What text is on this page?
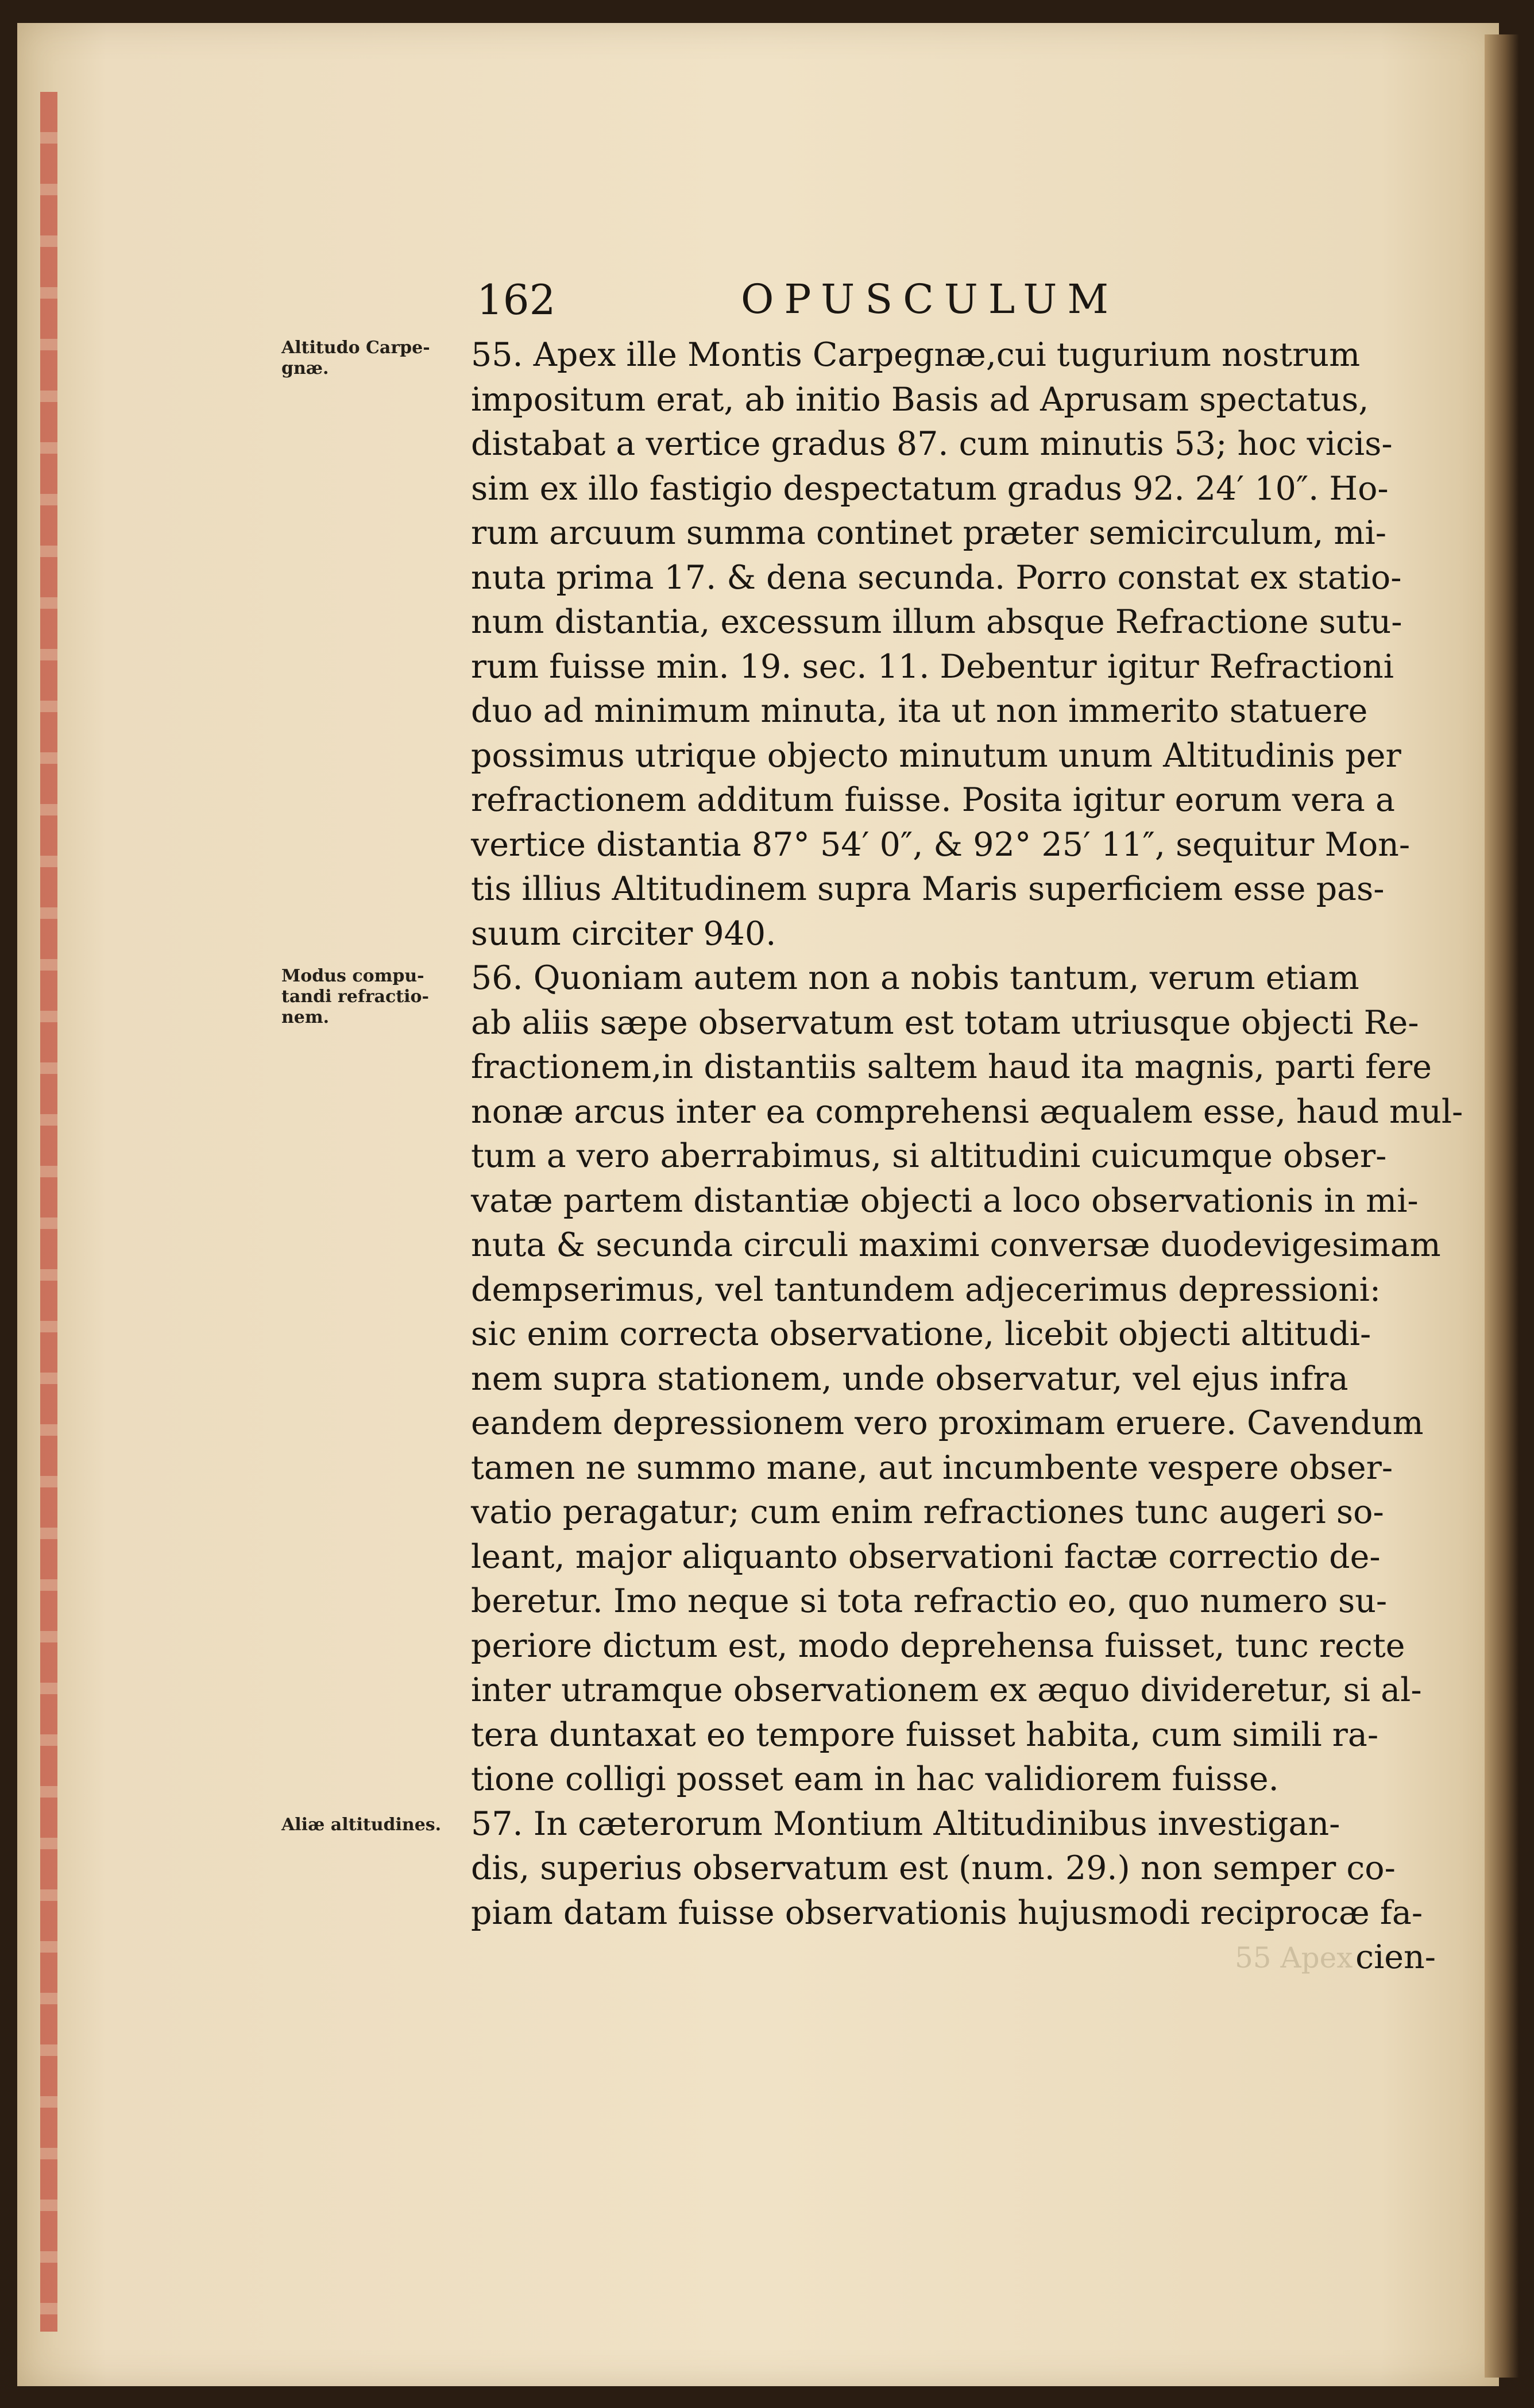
162	OPUSCULUM
Altitudo Carpe- gnæ.
Modus compu- tandi refractio- nem.
Aliæ altitudines.
55. Apex ille Montis Carpegnæ,cui tugurium nostrum
impositum erat, ab initio Basis ad Aprusam spectatus,
distabat a vertice gradus 87. cum minutis 53; hoc vicis-
sim ex illo fastigio despectatum gradus 92. 24′ 10″. Ho-
rum arcuum summa continet præter semicirculum, mi-
nuta prima 17. & dena secunda. Porro constat ex statio-
num distantia, excessum illum absque Refractione sutu-
rum fuisse min. 19. sec. 11. Debentur igitur Refractioni
duo ad minimum minuta, ita ut non immerito statuere
possimus utrique objecto minutum unum Altitudinis per
refractionem additum fuisse. Posita igitur eorum vera a
vertice distantia 87° 54′ 0″, & 92° 25′ 11″, sequitur Mon-
tis illius Altitudinem supra Maris superficiem esse pas-
suum circiter 940.
56. Quoniam autem non a nobis tantum, verum etiam
ab aliis sæpe observatum est totam utriusque objecti Re-
fractionem,in distantiis saltem haud ita magnis, parti fere
nonæ arcus inter ea comprehensi æqualem esse, haud mul-
tum a vero aberrabimus, si altitudini cuicumque obser-
vatæ partem distantiæ objecti a loco observationis in mi-
nuta & secunda circuli maximi conversæ duodevigesimam
dempserimus, vel tantundem adjecerimus depressioni:
sic enim correcta observatione, licebit objecti altitudi-
nem supra stationem, unde observatur, vel ejus infra
eandem depressionem vero proximam eruere. Cavendum
tamen ne summo mane, aut incumbente vespere obser-
vatio peragatur; cum enim refractiones tunc augeri so-
leant, major aliquanto observationi factæ correctio de-
beretur. Imo neque si tota refractio eo, quo numero su-
periore dictum est, modo deprehensa fuisset, tunc recte
inter utramque observationem ex æquo divideretur, si al-
tera duntaxat eo tempore fuisset habita, cum simili ra-
tione colligi posset eam in hac validiorem fuisse.
57. In cæterorum Montium Altitudinibus investigan-
dis, superius observatum est (num. 29.) non semper co-
piam datam fuisse observationis hujusmodi reciprocæ fa-
cien-
55 Apex
